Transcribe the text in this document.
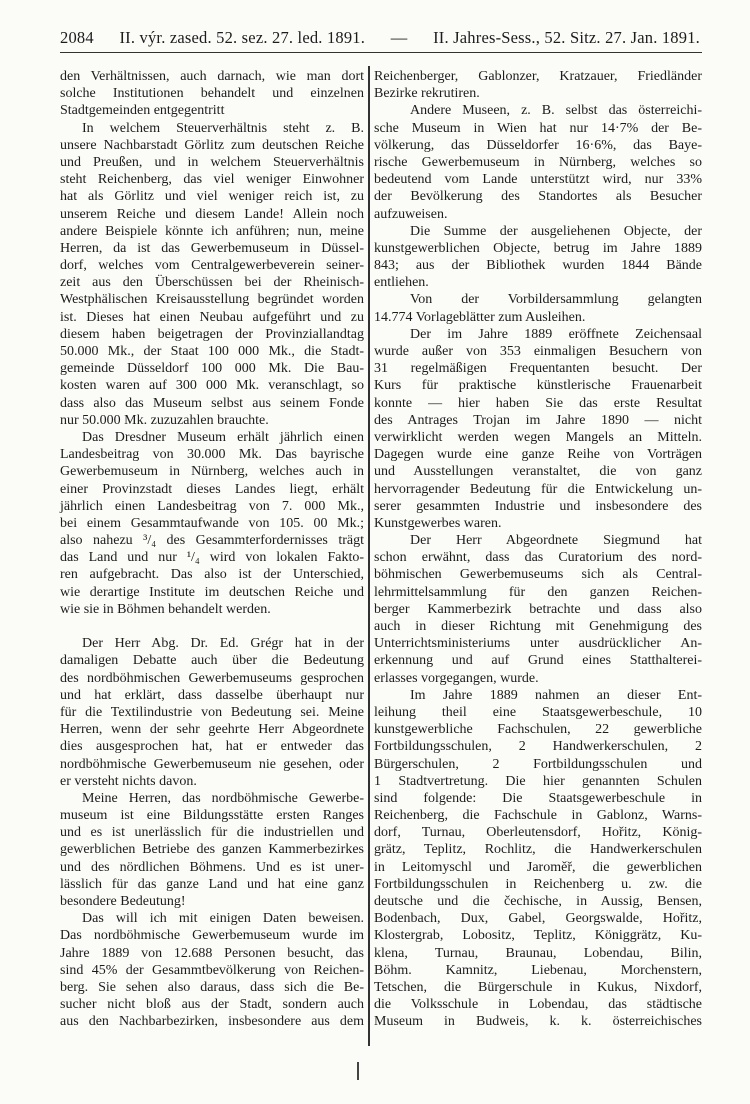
2084 II. výr. zased. 52. sez. 27. led. 1891. — II. Jahres-Sess., 52. Sitz. 27. Jan. 1891.
den Verhältnissen, auch darnach, wie man dort
solche Institutionen behandelt und einzelnen
Stadtgemeinden entgegentritt
In welchem Steuerverhältnis steht z. B.
unsere Nachbarstadt Görlitz zum deutschen Reiche
und Preußen, und in welchem Steuerverhältnis
steht Reichenberg, das viel weniger Einwohner
hat als Görlitz und viel weniger reich ist, zu
unserem Reiche und diesem Lande! Allein noch
andere Beispiele könnte ich anführen; nun, meine
Herren, da ist das Gewerbemuseum in Düssel-
dorf, welches vom Centralgewerbeverein seiner-
zeit aus den Überschüssen bei der Rheinisch-
Westphälischen Kreisausstellung begründet worden
ist. Dieses hat einen Neubau aufgeführt und zu
diesem haben beigetragen der Provinziallandtag
50.000 Mk., der Staat 100 000 Mk., die Stadt-
gemeinde Düsseldorf 100 000 Mk. Die Bau-
kosten waren auf 300 000 Mk. veranschlagt, so
dass also das Museum selbst aus seinem Fonde
nur 50.000 Mk. zuzuzahlen brauchte.
Das Dresdner Museum erhält jährlich einen
Landesbeitrag von 30.000 Mk. Das bayrische
Gewerbemuseum in Nürnberg, welches auch in
einer Provinzstadt dieses Landes liegt, erhält
jährlich einen Landesbeitrag von 7. 000 Mk.,
bei einem Gesammtaufwande von 105. 00 Mk.;
also nahezu ³/₄ des Gesammterfordernisses trägt
das Land und nur ¹/₄ wird von lokalen Fakto-
ren aufgebracht. Das also ist der Unterschied,
wie derartige Institute im deutschen Reiche und
wie sie in Böhmen behandelt werden.
Der Herr Abg. Dr. Ed. Grégr hat in der
damaligen Debatte auch über die Bedeutung
des nordböhmischen Gewerbemuseums gesprochen
und hat erklärt, dass dasselbe überhaupt nur
für die Textilindustrie von Bedeutung sei. Meine
Herren, wenn der sehr geehrte Herr Abgeordnete
dies ausgesprochen hat, hat er entweder das
nordböhmische Gewerbemuseum nie gesehen, oder
er versteht nichts davon.
Meine Herren, das nordböhmische Gewerbe-
museum ist eine Bildungsstätte ersten Ranges
und es ist unerlässlich für die industriellen und
gewerblichen Betriebe des ganzen Kammerbezirkes
und des nördlichen Böhmens. Und es ist uner-
lässlich für das ganze Land und hat eine ganz
besondere Bedeutung!
Das will ich mit einigen Daten beweisen.
Das nordböhmische Gewerbemuseum wurde im
Jahre 1889 von 12.688 Personen besucht, das
sind 45% der Gesammtbevölkerung von Reichen-
berg. Sie sehen also daraus, dass sich die Be-
sucher nicht bloß aus der Stadt, sondern auch
aus den Nachbarbezirken, insbesondere aus dem
Reichenberger, Gablonzer, Kratzauer, Friedländer
Bezirke rekrutiren.
Andere Museen, z. B. selbst das österreichi-
sche Museum in Wien hat nur 14·7% der Be-
völkerung, das Düsseldorfer 16·6%, das Baye-
rische Gewerbemuseum in Nürnberg, welches so
bedeutend vom Lande unterstützt wird, nur 33%
der Bevölkerung des Standortes als Besucher
aufzuweisen.
Die Summe der ausgeliehenen Objecte, der
kunstgewerblichen Objecte, betrug im Jahre 1889
843; aus der Bibliothek wurden 1844 Bände
entliehen.
Von der Vorbildersammlung gelangten
14.774 Vorlageblätter zum Ausleihen.
Der im Jahre 1889 eröffnete Zeichensaal
wurde außer von 353 einmaligen Besuchern von
31 regelmäßigen Frequentanten besucht. Der
Kurs für praktische künstlerische Frauenarbeit
konnte — hier haben Sie das erste Resultat
des Antrages Trojan im Jahre 1890 — nicht
verwirklicht werden wegen Mangels an Mitteln.
Dagegen wurde eine ganze Reihe von Vorträgen
und Ausstellungen veranstaltet, die von ganz
hervorragender Bedeutung für die Entwickelung un-
serer gesammten Industrie und insbesondere des
Kunstgewerbes waren.
Der Herr Abgeordnete Siegmund hat
schon erwähnt, dass das Curatorium des nord-
böhmischen Gewerbemuseums sich als Central-
lehrmittelsammlung für den ganzen Reichen-
berger Kammerbezirk betrachte und dass also
auch in dieser Richtung mit Genehmigung des
Unterrichtsministeriums unter ausdrücklicher An-
erkennung und auf Grund eines Statthalterei-
erlasses vorgegangen, wurde.
Im Jahre 1889 nahmen an dieser Ent-
leihung theil eine Staatsgewerbeschule, 10
kunstgewerbliche Fachschulen, 22 gewerbliche
Fortbildungsschulen, 2 Handwerkerschulen, 2
Bürgerschulen, 2 Fortbildungsschulen und
1 Stadtvertretung. Die hier genannten Schulen
sind folgende: Die Staatsgewerbeschule in
Reichenberg, die Fachschule in Gablonz, Warns-
dorf, Turnau, Oberleutensdorf, Hořitz, König-
grätz, Teplitz, Rochlitz, die Handwerkerschulen
in Leitomyschl und Jaroměř, die gewerblichen
Fortbildungsschulen in Reichenberg u. zw. die
deutsche und die čechische, in Aussig, Bensen,
Bodenbach, Dux, Gabel, Georgswalde, Hořitz,
Klostergrab, Lobositz, Teplitz, Königgrätz, Ku-
klena, Turnau, Braunau, Lobendau, Bilin,
Böhm. Kamnitz, Liebenau, Morchenstern,
Tetschen, die Bürgerschule in Kukus, Nixdorf,
die Volksschule in Lobendau, das städtische
Museum in Budweis, k. k. österreichisches
